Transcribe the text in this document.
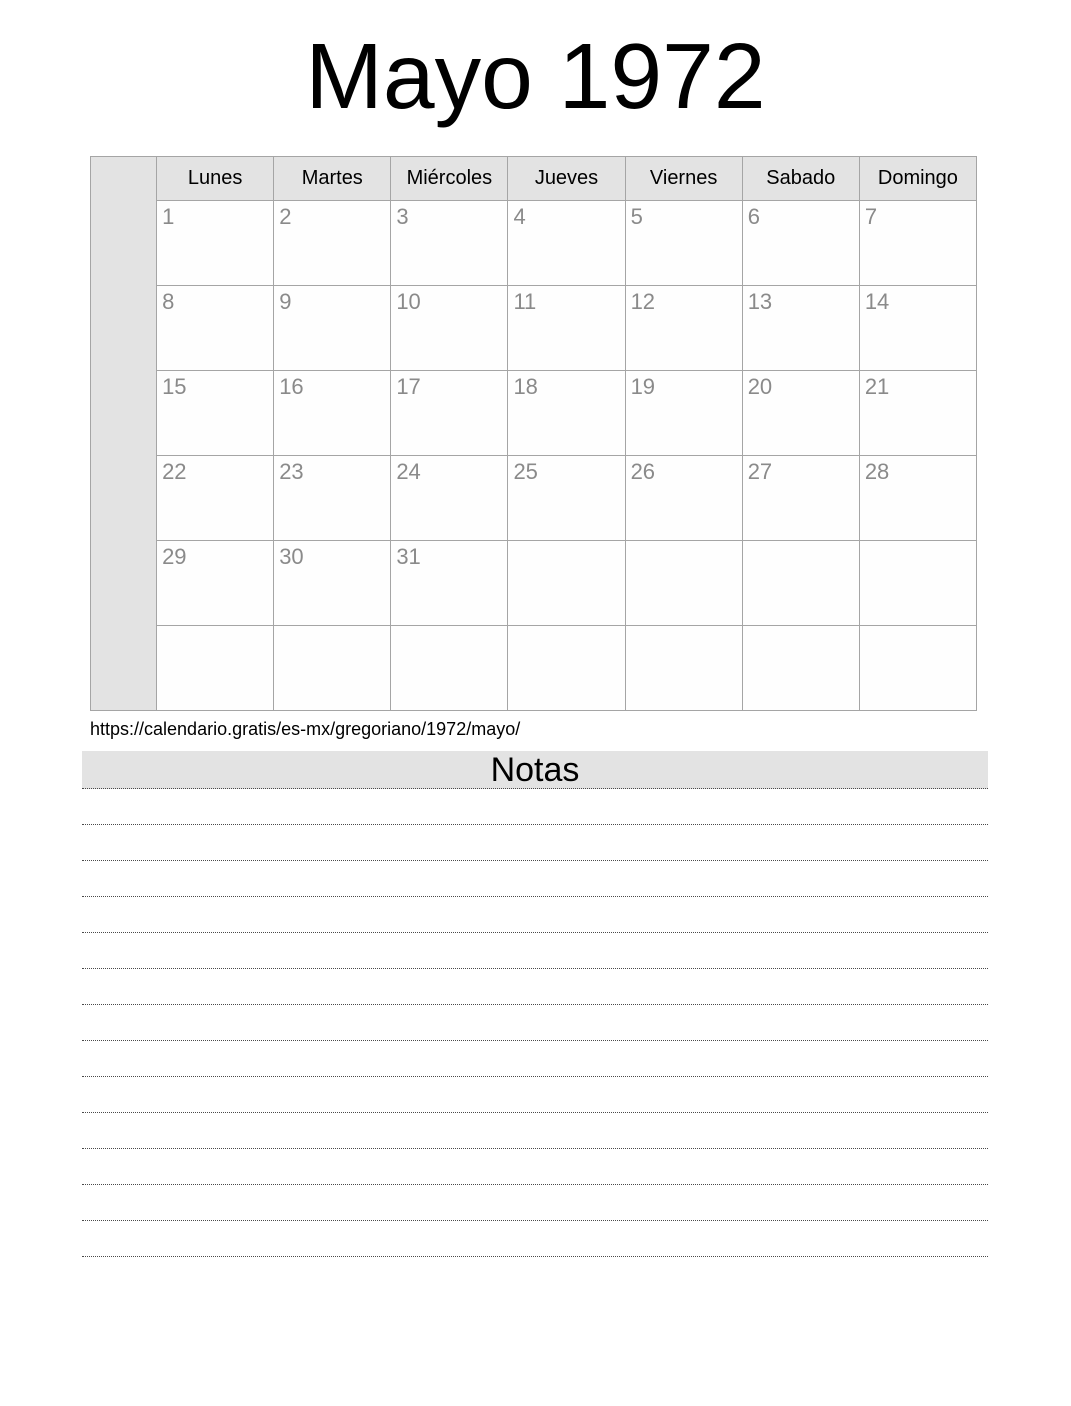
Mayo 1972
	Lunes	Martes	Miércoles	Jueves	Viernes	Sabado	Domingo
	1	2	3	4	5	6	7
	8	9	10	11	12	13	14
	15	16	17	18	19	20	21
	22	23	24	25	26	27	28
	29	30	31				

https://calendario.gratis/es-mx/gregoriano/1972/mayo/
Notas
